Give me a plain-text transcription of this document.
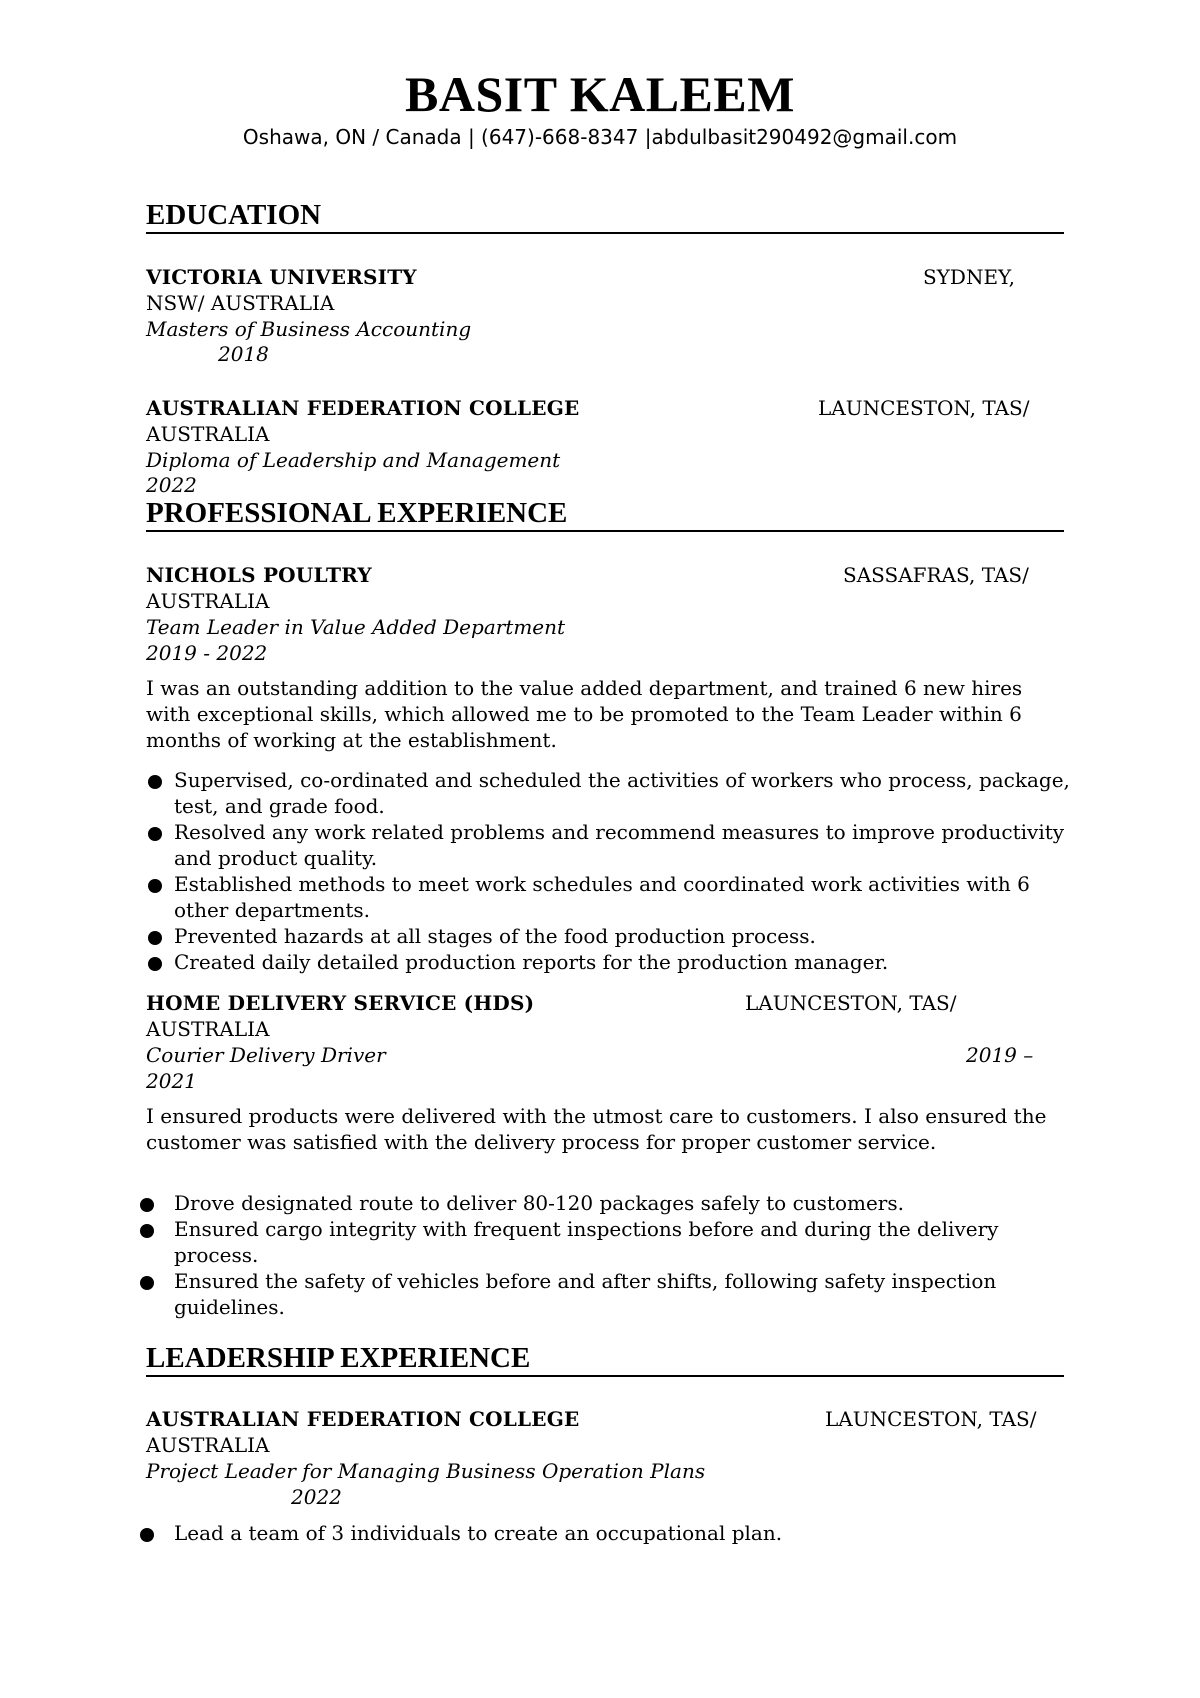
BASIT KALEEM
Oshawa, ON / Canada | (647)-668-8347 |abdulbasit290492@gmail.com
EDUCATION
VICTORIA UNIVERSITY	SYDNEY,
NSW/ AUSTRALIA
Masters of Business Accounting
2018
AUSTRALIAN FEDERATION COLLEGE	LAUNCESTON, TAS/
AUSTRALIA
Diploma of Leadership and Management
2022
PROFESSIONAL EXPERIENCE
NICHOLS POULTRY	SASSAFRAS, TAS/
AUSTRALIA
Team Leader in Value Added Department
2019 - 2022
I was an outstanding addition to the value added department, and trained 6 new hires with exceptional skills, which allowed me to be promoted to the Team Leader within 6 months of working at the establishment.
Supervised, co-ordinated and scheduled the activities of workers who process, package, test, and grade food.
Resolved any work related problems and recommend measures to improve productivity and product quality.
Established methods to meet work schedules and coordinated work activities with 6 other departments.
Prevented hazards at all stages of the food production process.
Created daily detailed production reports for the production manager.
HOME DELIVERY SERVICE (HDS)	LAUNCESTON, TAS/
AUSTRALIA
Courier Delivery Driver	2019 –
2021
I ensured products were delivered with the utmost care to customers. I also ensured the customer was satisfied with the delivery process for proper customer service.
Drove designated route to deliver 80-120 packages safely to customers.
Ensured cargo integrity with frequent inspections before and during the delivery process.
Ensured the safety of vehicles before and after shifts, following safety inspection guidelines.
LEADERSHIP EXPERIENCE
AUSTRALIAN FEDERATION COLLEGE	LAUNCESTON, TAS/
AUSTRALIA
Project Leader for Managing Business Operation Plans
2022
Lead a team of 3 individuals to create an occupational plan.
